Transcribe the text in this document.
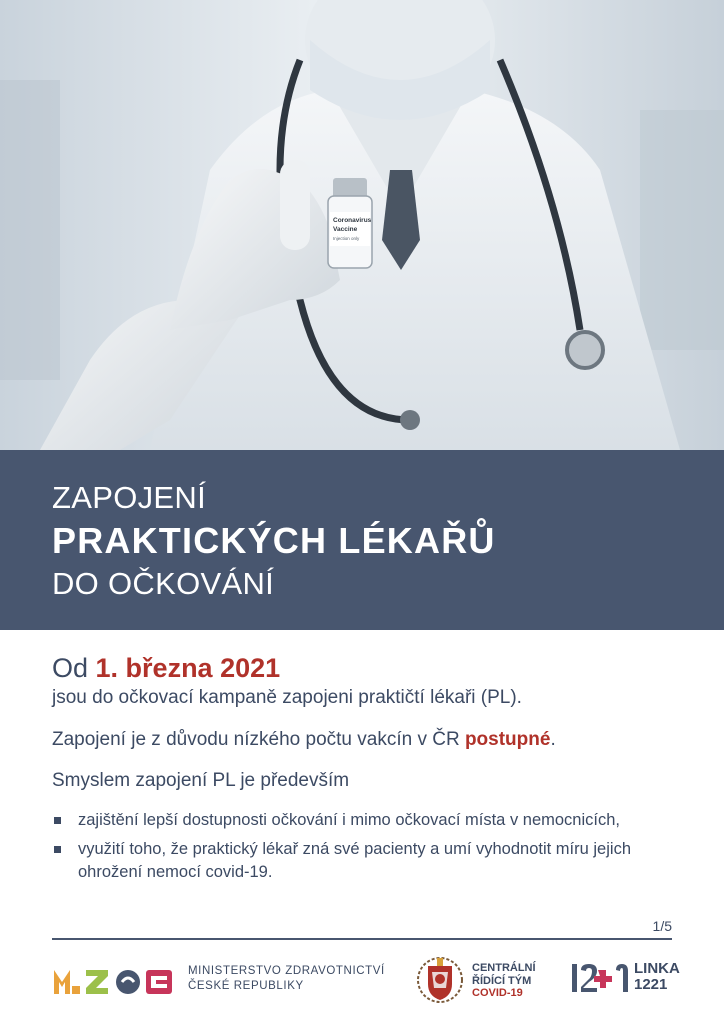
Coronavirus
Vaccine
Injection only
ZAPOJENÍ
PRAKTICKÝCH LÉKAŘŮ
DO OČKOVÁNÍ
Od 1. března 2021
jsou do očkovací kampaně zapojeni praktičtí lékaři (PL).
Zapojení je z důvodu nízkého počtu vakcín v ČR postupné.
Smyslem zapojení PL je především
zajištění lepší dostupnosti očkování i mimo očkovací místa v nemocnicích,
využití toho, že praktický lékař zná své pacienty a umí vyhodnotit míru jejich ohrožení nemocí covid-19.
1/5
MINISTERSTVO ZDRAVOTNICTVÍ
ČESKÉ REPUBLIKY
CENTRÁLNÍ
ŘÍDÍCÍ TÝM
COVID-19
LINKA
1221
